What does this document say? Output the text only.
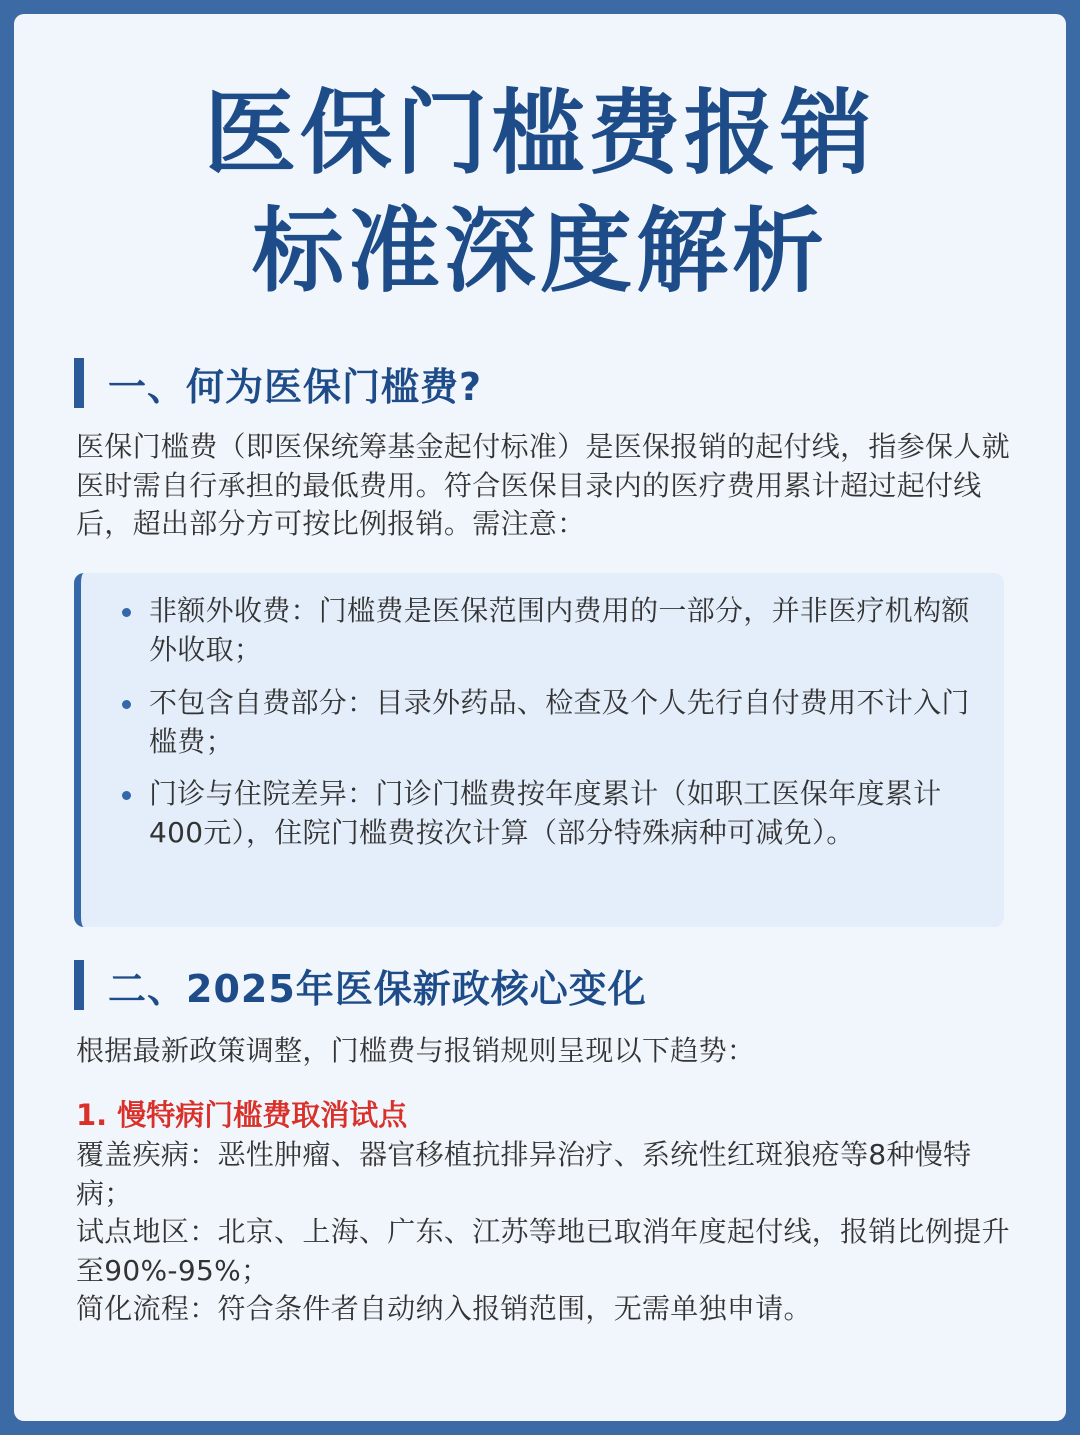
医保门槛费报销
标准深度解析
一、何为医保门槛费?
医保门槛费（即医保统筹基金起付标准）是医保报销的起付线，指参保人就医时需自行承担的最低费用。符合医保目录内的医疗费用累计超过起付线后，超出部分方可按比例报销。需注意：
非额外收费：门槛费是医保范围内费用的一部分，并非医疗机构额外收取；
不包含自费部分：目录外药品、检查及个人先行自付费用不计入门槛费；
门诊与住院差异：门诊门槛费按年度累计（如职工医保年度累计400元），住院门槛费按次计算（部分特殊病种可减免）。
二、2025年医保新政核心变化
根据最新政策调整，门槛费与报销规则呈现以下趋势：
1. 慢特病门槛费取消试点
覆盖疾病：恶性肿瘤、器官移植抗排异治疗、系统性红斑狼疮等8种慢特病；
试点地区：北京、上海、广东、江苏等地已取消年度起付线，报销比例提升至90%-95%；
简化流程：符合条件者自动纳入报销范围，无需单独申请。
